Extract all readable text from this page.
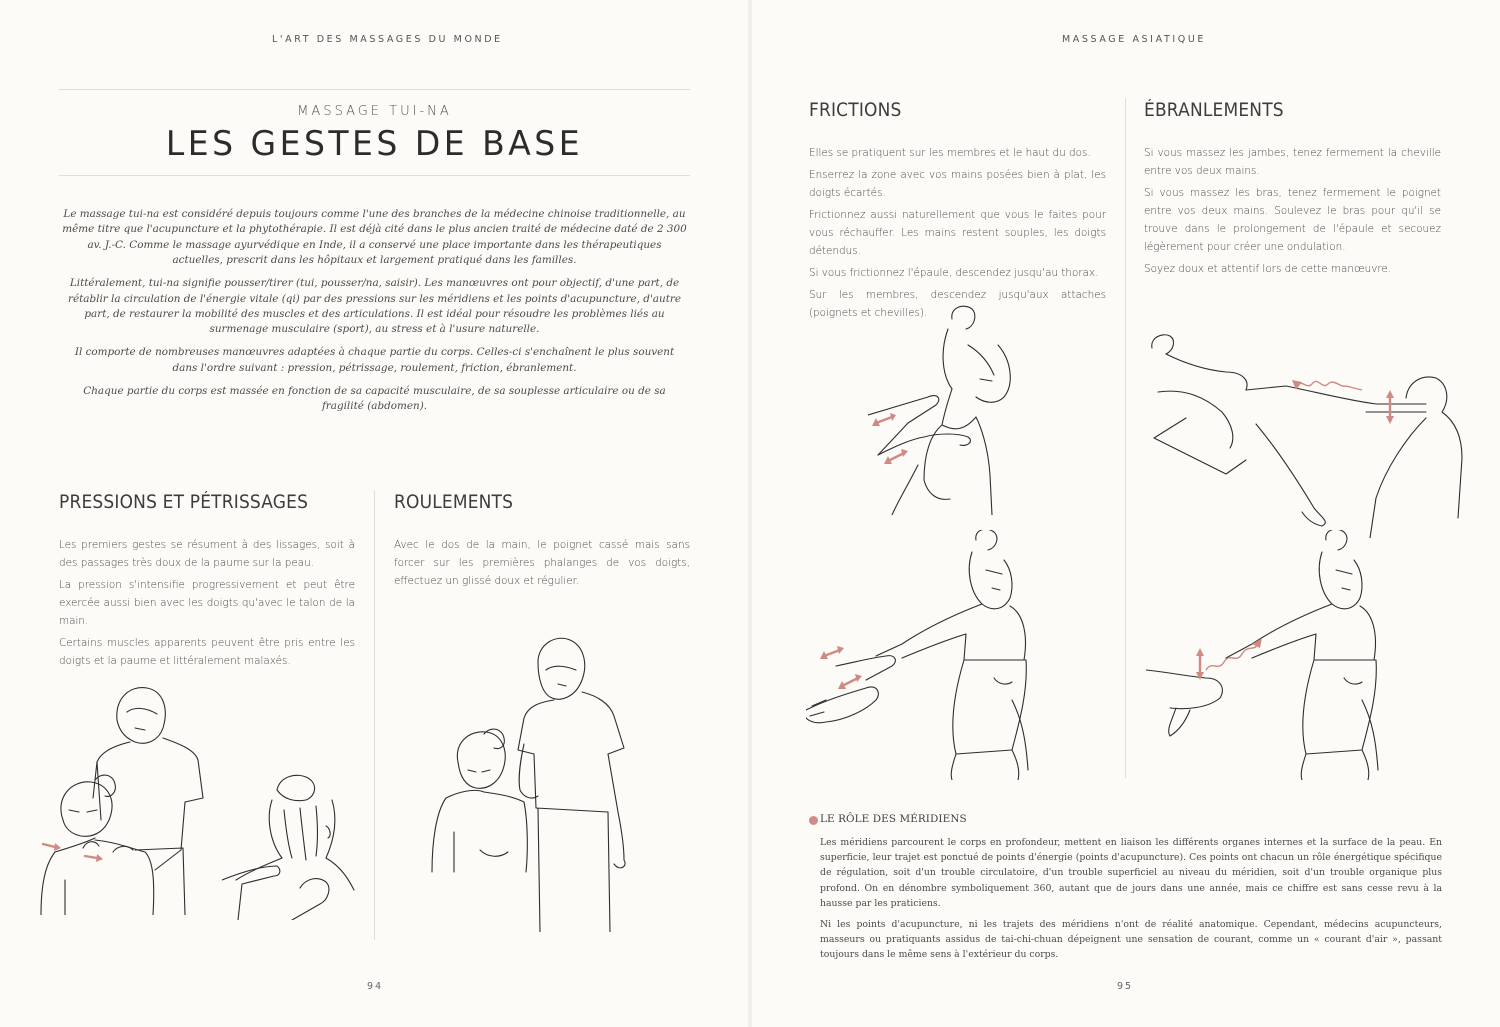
L'ART DES MASSAGES DU MONDE
MASSAGE TUI-NA
LES GESTES DE BASE

Le massage tui-na est considéré depuis toujours comme l'une des branches de la médecine chinoise traditionnelle, au même titre que l'acupuncture et la phytothérapie. Il est déjà cité dans le plus ancien traité de médecine daté de 2 300 av. J.-C. Comme le massage ayurvédique en Inde, il a conservé une place importante dans les thérapeutiques actuelles, prescrit dans les hôpitaux et largement pratiqué dans les familles.

Littéralement, tui-na signifie pousser/tirer (tui, pousser/na, saisir). Les manœuvres ont pour objectif, d'une part, de rétablir la circulation de l'énergie vitale (qi) par des pressions sur les méridiens et les points d'acupuncture, d'autre part, de restaurer la mobilité des muscles et des articulations. Il est idéal pour résoudre les problèmes liés au surmenage musculaire (sport), au stress et à l'usure naturelle.

Il comporte de nombreuses manœuvres adaptées à chaque partie du corps. Celles-ci s'enchaînent le plus souvent dans l'ordre suivant : pression, pétrissage, roulement, friction, ébranlement.

Chaque partie du corps est massée en fonction de sa capacité musculaire, de sa souplesse articulaire ou de sa fragilité (abdomen).

PRESSIONS ET PÉTRISSAGES

Les premiers gestes se résument à des lissages, soit à des passages très doux de la paume sur la peau.

La pression s'intensifie progressivement et peut être exercée aussi bien avec les doigts qu'avec le talon de la main.

Certains muscles apparents peuvent être pris entre les doigts et la paume et littéralement malaxés.

ROULEMENTS

Avec le dos de la main, le poignet cassé mais sans forcer sur les premières phalanges de vos doigts, effectuez un glissé doux et régulier.

94
MASSAGE ASIATIQUE
FRICTIONS

Elles se pratiquent sur les membres et le haut du dos.

Enserrez la zone avec vos mains posées bien à plat, les doigts écartés.

Frictionnez aussi naturellement que vous le faites pour vous réchauffer. Les mains restent souples, les doigts détendus.

Si vous frictionnez l'épaule, descendez jusqu'au thorax.

Sur les membres, descendez jusqu'aux attaches (poignets et chevilles).

ÉBRANLEMENTS

Si vous massez les jambes, tenez fermement la cheville entre vos deux mains.

Si vous massez les bras, tenez fermement le poignet entre vos deux mains. Soulevez le bras pour qu'il se trouve dans le prolongement de l'épaule et secouez légèrement pour créer une ondulation.

Soyez doux et attentif lors de cette manœuvre.

LE RÔLE DES MÉRIDIENS

Les méridiens parcourent le corps en profondeur, mettent en liaison les différents organes internes et la surface de la peau. En superficie, leur trajet est ponctué de points d'énergie (points d'acupuncture). Ces points ont chacun un rôle énergétique spécifique de régulation, soit d'un trouble circulatoire, d'un trouble superficiel au niveau du méridien, soit d'un trouble organique plus profond. On en dénombre symboliquement 360, autant que de jours dans une année, mais ce chiffre est sans cesse revu à la hausse par les praticiens.

Ni les points d'acupuncture, ni les trajets des méridiens n'ont de réalité anatomique. Cependant, médecins acupuncteurs, masseurs ou pratiquants assidus de tai-chi-chuan dépeignent une sensation de courant, comme un « courant d'air », passant toujours dans le même sens à l'extérieur du corps.

95
